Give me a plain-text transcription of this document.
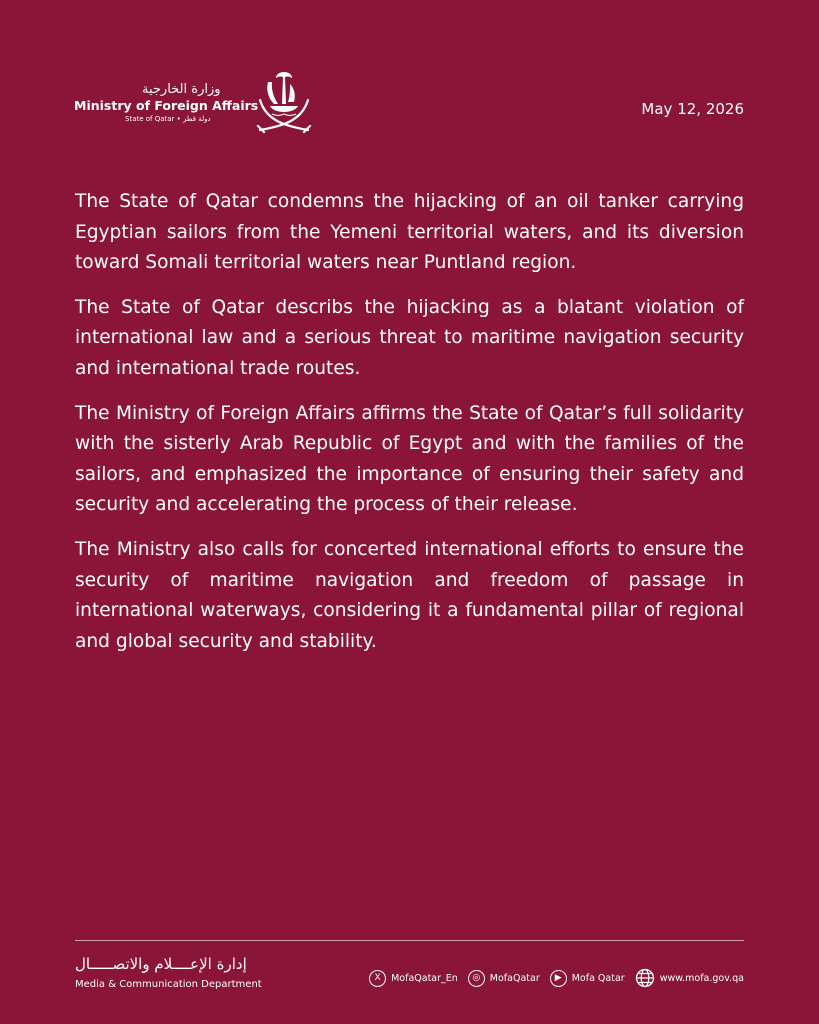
وزارة الخارجية
Ministry of Foreign Affairs
State of Qatar • دولة قطر
May 12, 2026

The State of Qatar condemns the hijacking of an oil tanker carrying Egyptian sailors from the Yemeni territorial waters, and its diversion toward Somali territorial waters near Puntland region.

The State of Qatar describs the hijacking as a blatant violation of international law and a serious threat to maritime navigation security and international trade routes.

The Ministry of Foreign Affairs affirms the State of Qatar’s full solidarity with the sisterly Arab Republic of Egypt and with the families of the sailors, and emphasized the importance of ensuring their safety and security and accelerating the process of their release.

The Ministry also calls for concerted international efforts to ensure the security of maritime navigation and freedom of passage in international waterways, considering it a fundamental pillar of regional and global security and stability.

إدارة الإعــــلام والاتصـــــال
Media & Communication Department
X	MofaQatar_En	◎	MofaQatar	▶	Mofa Qatar	www.mofa.gov.qa
